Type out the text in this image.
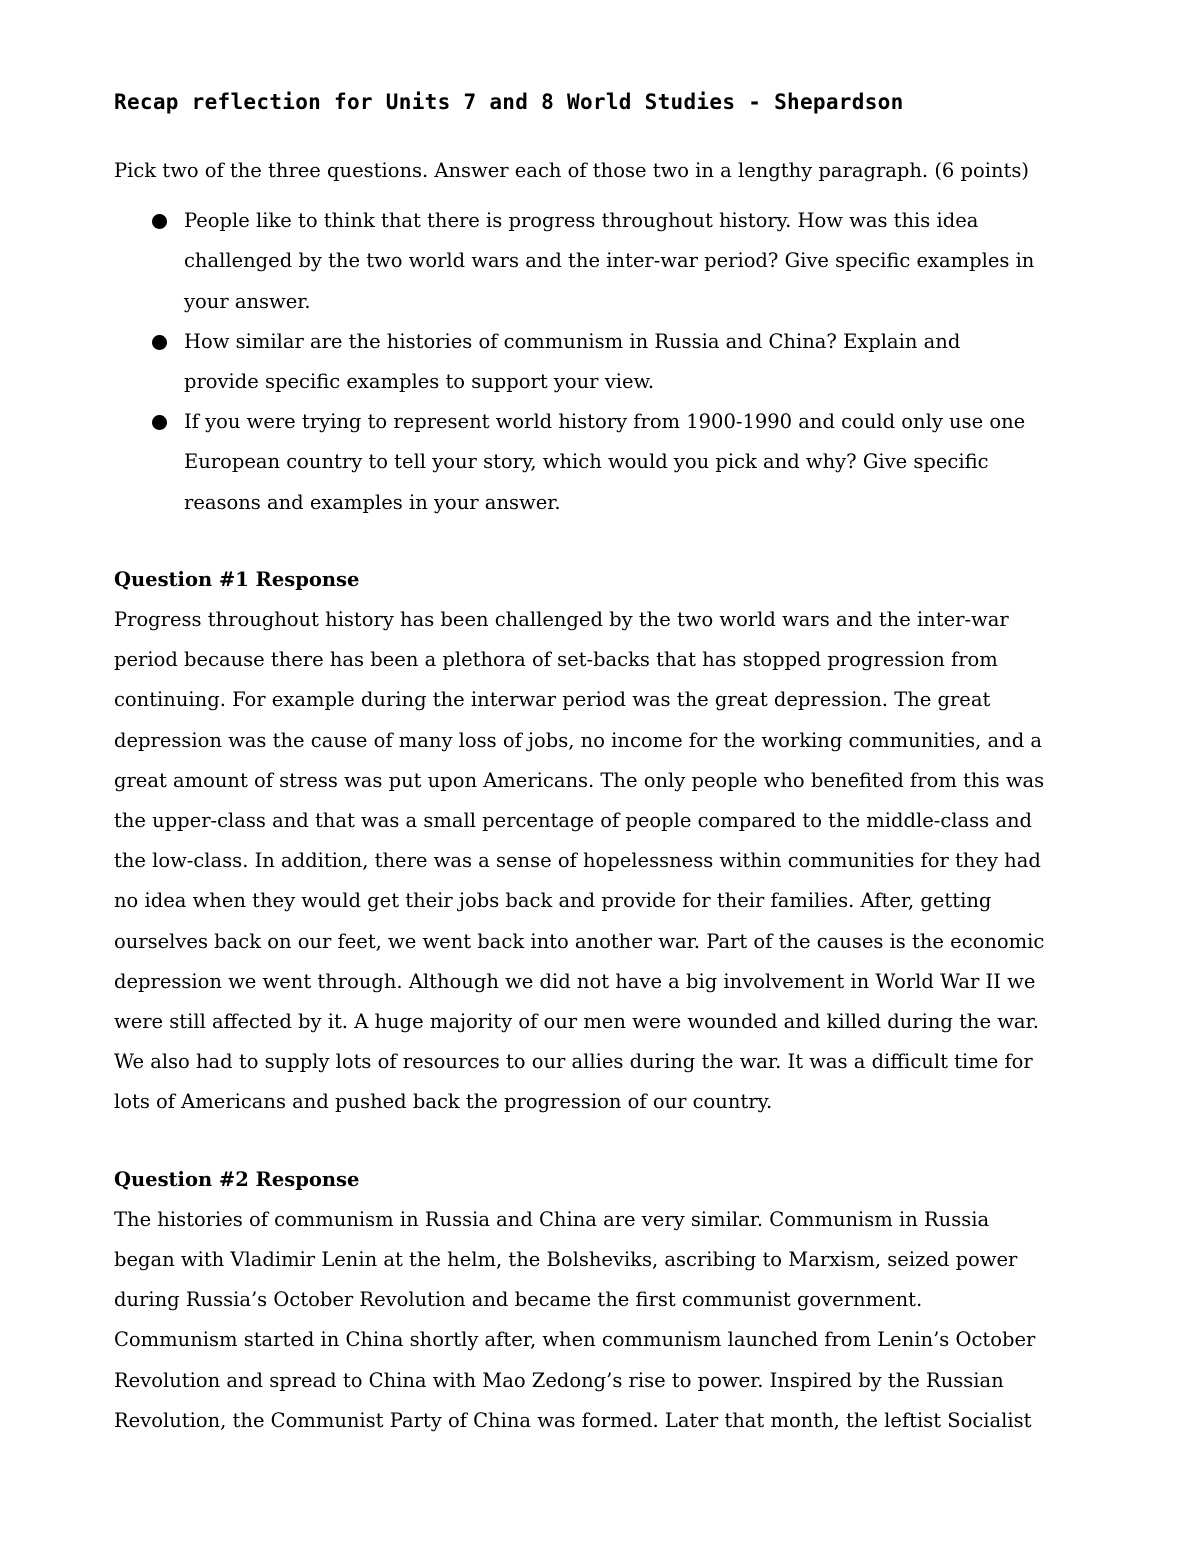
Recap reflection for Units 7 and 8 World Studies - Shepardson

Pick two of the three questions. Answer each of those two in a lengthy paragraph. (6 points)

People like to think that there is progress throughout history. How was this idea
challenged by the two world wars and the inter-war period? Give specific examples in
your answer.
How similar are the histories of communism in Russia and China? Explain and
provide specific examples to support your view.
If you were trying to represent world history from 1900-1990 and could only use one
European country to tell your story, which would you pick and why? Give specific
reasons and examples in your answer.
Question #1 Response

Progress throughout history has been challenged by the two world wars and the inter-war
period because there has been a plethora of set-backs that has stopped progression from
continuing. For example during the interwar period was the great depression. The great
depression was the cause of many loss of jobs, no income for the working communities, and a
great amount of stress was put upon Americans. The only people who benefited from this was
the upper-class and that was a small percentage of people compared to the middle-class and
the low-class. In addition, there was a sense of hopelessness within communities for they had
no idea when they would get their jobs back and provide for their families. After, getting
ourselves back on our feet, we went back into another war. Part of the causes is the economic
depression we went through. Although we did not have a big involvement in World War II we
were still affected by it. A huge majority of our men were wounded and killed during the war.
We also had to supply lots of resources to our allies during the war. It was a difficult time for
lots of Americans and pushed back the progression of our country.

Question #2 Response

The histories of communism in Russia and China are very similar. Communism in Russia
began with Vladimir Lenin at the helm, the Bolsheviks, ascribing to Marxism, seized power
during Russia’s October Revolution and became the first communist government.
Communism started in China shortly after, when communism launched from Lenin’s October
Revolution and spread to China with Mao Zedong’s rise to power. Inspired by the Russian
Revolution, the Communist Party of China was formed. Later that month, the leftist Socialist
